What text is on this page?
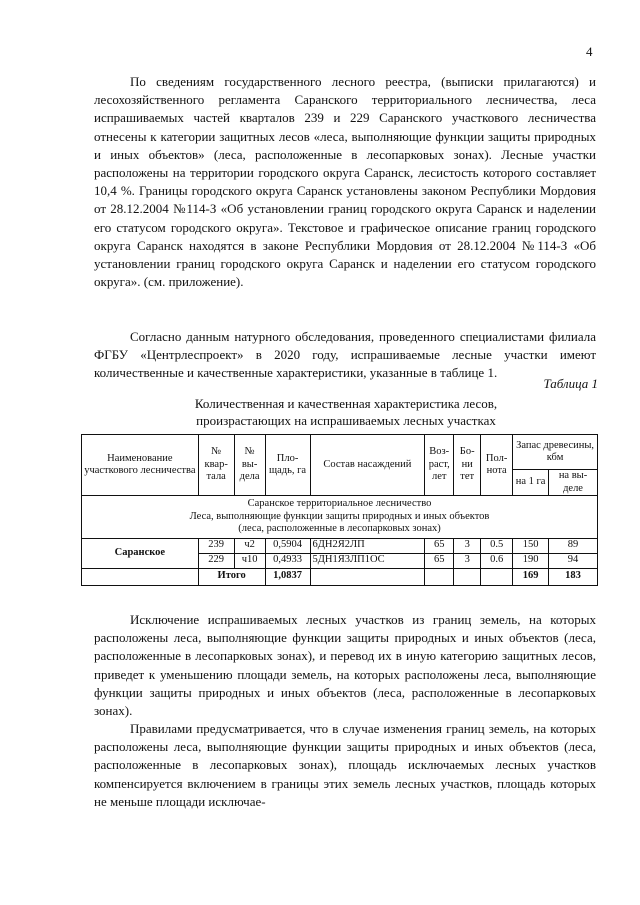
4

По сведениям государственного лесного реестра, (выписки прилагаются) и лесохозяйственного регламента Саранского территориального лесничества, леса испрашиваемых частей кварталов 239 и 229 Саранского участкового лесничества отнесены к категории защитных лесов «леса, выполняющие функции защиты природных и иных объектов» (леса, расположенные в лесопарковых зонах). Лесные участки расположены на территории городского округа Саранск, лесистость которого составляет 10,4 %. Границы городского округа Саранск установлены законом Республики Мордовия от 28.12.2004 №114-З «Об установлении границ городского округа Саранск и наделении его статусом городского округа». Текстовое и графическое описание границ городского округа Саранск находятся в законе Республики Мордовия от 28.12.2004 №114-З «Об установлении границ городского округа Саранск и наделении его статусом городского округа». (см. приложение).

Согласно данным натурного обследования, проведенного специалистами филиала ФГБУ «Центрлеспроект» в 2020 году, испрашиваемые лесные участки имеют количественные и качественные характеристики, указанные в таблице 1.

Таблица 1
Количественная и качественная характеристика лесов,
произрастающих на испрашиваемых лесных участках
Наименование участкового лесничества	№ квар-тала	№ вы-дела	Пло-щадь, га	Состав насаждений	Воз-раст, лет	Бо-ни тет	Пол-нота	Запас древесины, кбм	
								на 1 га	на вы-деле

Саранское территориальное лесничество
Леса, выполняющие функции защиты природных и иных объектов
(леса, расположенные в лесопарковых зонах)									

Саранское	239	ч2	0,5904	6ДН2Я2ЛП	65	3	0.5	150	89
	229	ч10	0,4933	5ДН1Я3ЛП1ОС	65	3	0.6	190	94
	Итого		1,0837					169	183

Исключение испрашиваемых лесных участков из границ земель, на которых расположены леса, выполняющие функции защиты природных и иных объектов (леса, расположенные в лесопарковых зонах), и перевод их в иную категорию защитных лесов, приведет к уменьшению площади земель, на которых расположены леса, выполняющие функции защиты природных и иных объектов (леса, расположенные в лесопарковых зонах).

Правилами предусматривается, что в случае изменения границ земель, на которых расположены леса, выполняющие функции защиты природных и иных объектов (леса, расположенные в лесопарковых зонах), площадь исключаемых лесных участков компенсируется включением в границы этих земель лесных участков, площадь которых не меньше площади исключае-
